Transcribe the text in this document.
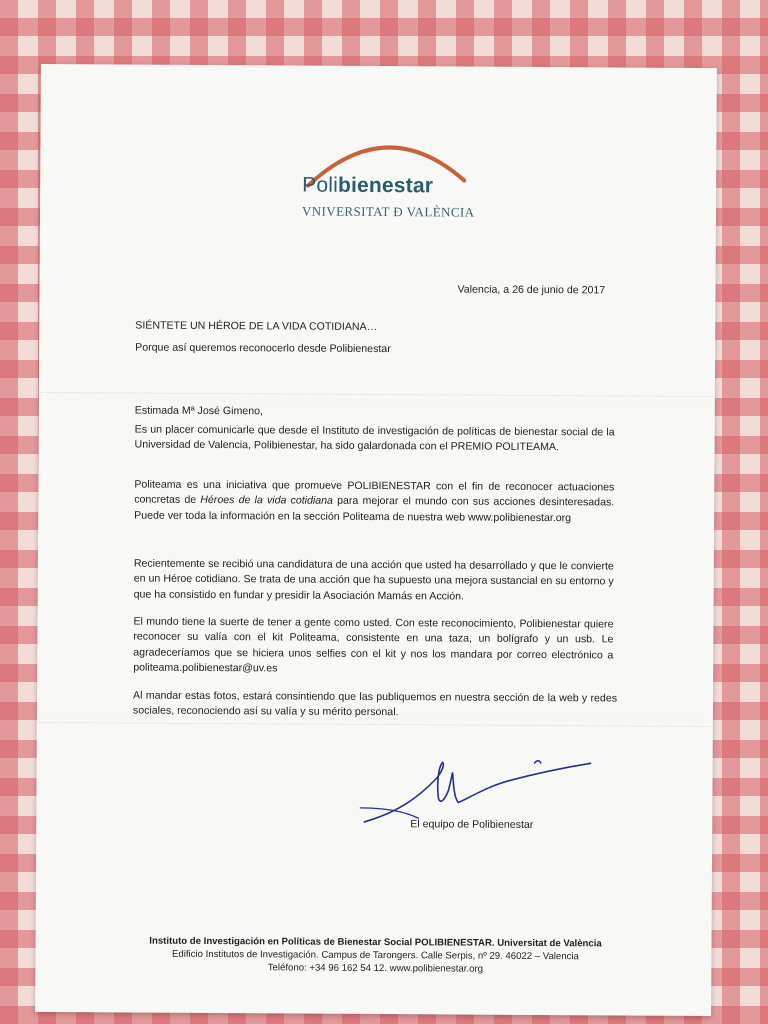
Polibienestar
VNIVERSITAT Ð VALÈNCIA
Valencia, a 26 de junio de 2017
SIÉNTETE UN HÉROE DE LA VIDA COTIDIANA…
Porque así queremos reconocerlo desde Polibienestar
Estimada Mª José Gimeno,
Es un placer comunicarle que desde el Instituto de investigación de políticas de bienestar social de la Universidad de Valencia, Polibienestar, ha sido galardonada con el PREMIO POLITEAMA.
Politeama es una iniciativa que promueve POLIBIENESTAR con el fin de reconocer actuaciones concretas de Héroes de la vida cotidiana para mejorar el mundo con sus acciones desinteresadas. Puede ver toda la información en la sección Politeama de nuestra web www.polibienestar.org
Recientemente se recibió una candidatura de una acción que usted ha desarrollado y que le convierte en un Héroe cotidiano. Se trata de una acción que ha supuesto una mejora sustancial en su entorno y que ha consistido en fundar y presidir la Asociación Mamás en Acción.
El mundo tiene la suerte de tener a gente como usted. Con este reconocimiento, Polibienestar quiere reconocer su valía con el kit Politeama, consistente en una taza, un bolígrafo y un usb. Le agradeceríamos que se hiciera unos selfies con el kit y nos los mandara por correo electrónico a politeama.polibienestar@uv.es
Al mandar estas fotos, estará consintiendo que las publiquemos en nuestra sección de la web y redes sociales, reconociendo así su valía y su mérito personal.
El equipo de Polibienestar
Instituto de Investigación en Políticas de Bienestar Social POLIBIENESTAR. Universitat de València
Edificio Institutos de Investigación. Campus de Tarongers. Calle Serpis, nº 29. 46022 – Valencia
Teléfono: +34 96 162 54 12. www.polibienestar.org
